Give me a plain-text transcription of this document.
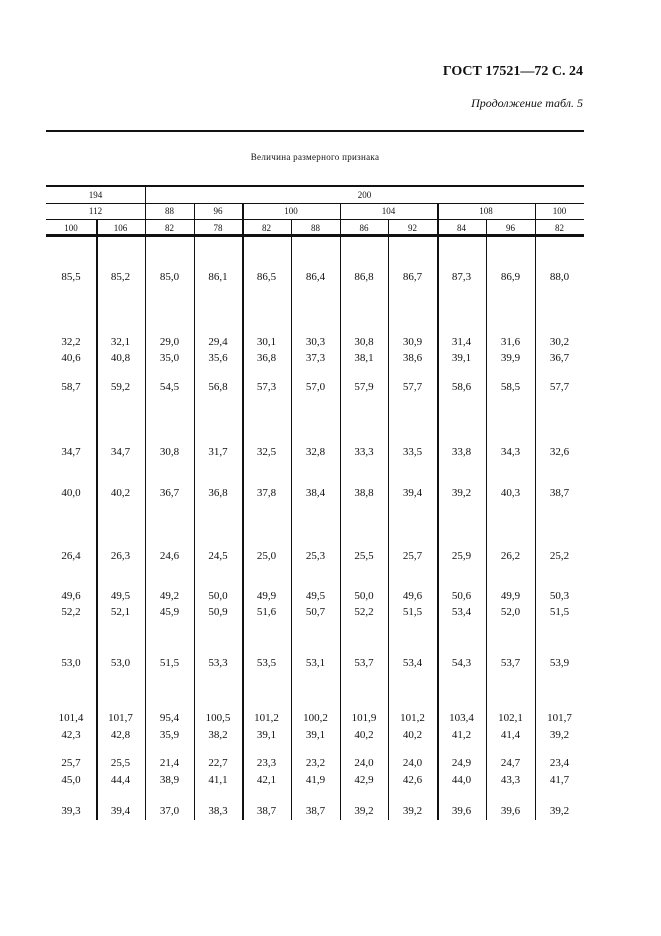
ГОСТ 17521—72 С. 24
Продолжение табл. 5
Величина размерного признака
194	200
112	88	96	100	104	108	100
100	106	82	78	82	88	86	92	84	96	82
85,5	85,2	85,0	86,1	86,5	86,4	86,8	86,7	87,3	86,9	88,0
32,2	32,1	29,0	29,4	30,1	30,3	30,8	30,9	31,4	31,6	30,2
40,6	40,8	35,0	35,6	36,8	37,3	38,1	38,6	39,1	39,9	36,7
58,7	59,2	54,5	56,8	57,3	57,0	57,9	57,7	58,6	58,5	57,7
34,7	34,7	30,8	31,7	32,5	32,8	33,3	33,5	33,8	34,3	32,6
40,0	40,2	36,7	36,8	37,8	38,4	38,8	39,4	39,2	40,3	38,7
26,4	26,3	24,6	24,5	25,0	25,3	25,5	25,7	25,9	26,2	25,2
49,6	49,5	49,2	50,0	49,9	49,5	50,0	49,6	50,6	49,9	50,3
52,2	52,1	45,9	50,9	51,6	50,7	52,2	51,5	53,4	52,0	51,5
53,0	53,0	51,5	53,3	53,5	53,1	53,7	53,4	54,3	53,7	53,9
101,4	101,7	95,4	100,5	101,2	100,2	101,9	101,2	103,4	102,1	101,7
42,3	42,8	35,9	38,2	39,1	39,1	40,2	40,2	41,2	41,4	39,2
25,7	25,5	21,4	22,7	23,3	23,2	24,0	24,0	24,9	24,7	23,4
45,0	44,4	38,9	41,1	42,1	41,9	42,9	42,6	44,0	43,3	41,7
39,3	39,4	37,0	38,3	38,7	38,7	39,2	39,2	39,6	39,6	39,2
